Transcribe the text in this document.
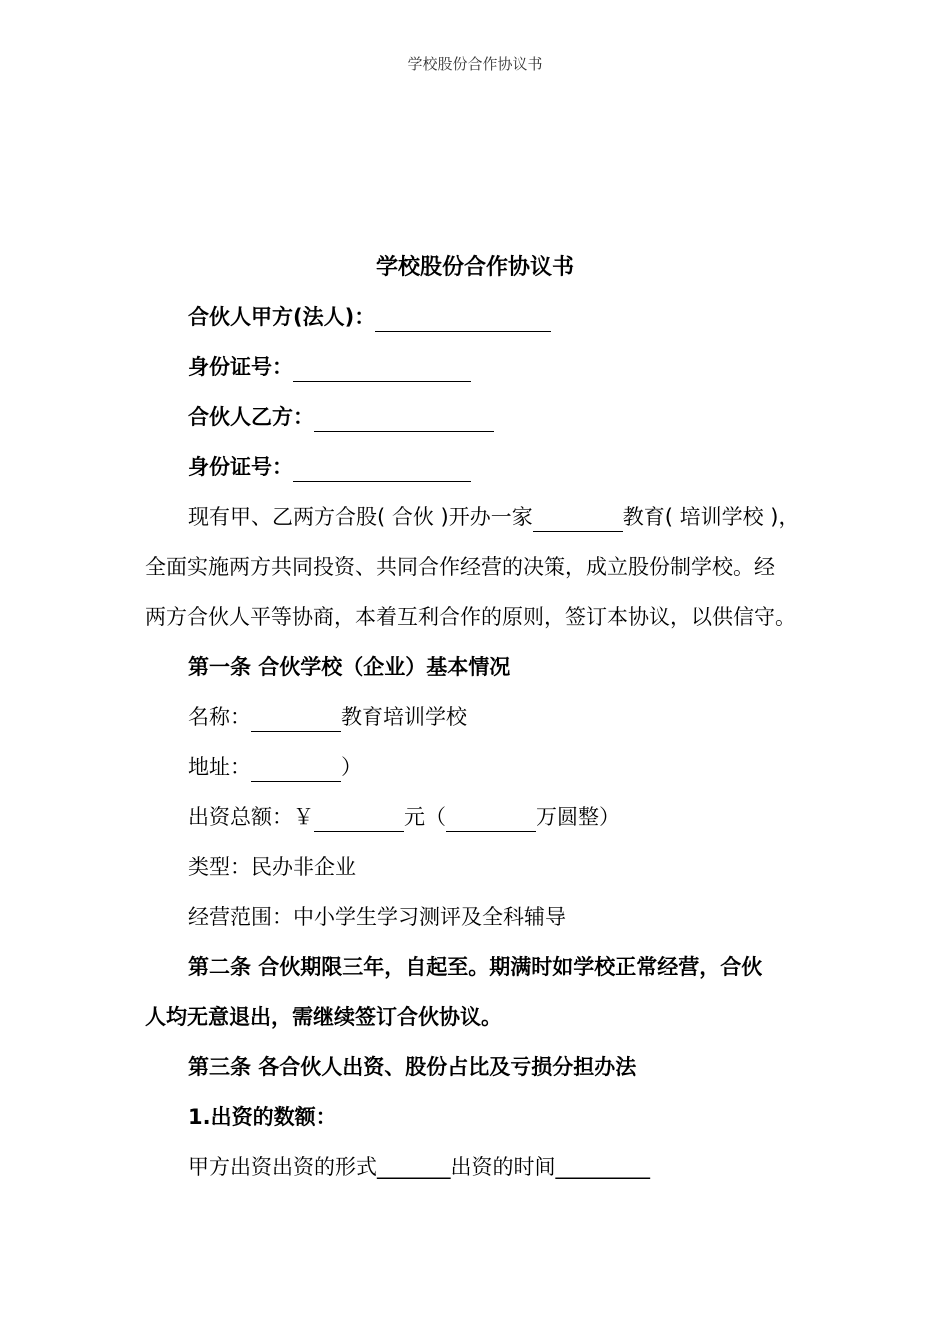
学校股份合作协议书
学校股份合作协议书
合伙人甲方(法人)：
身份证号：
合伙人乙方：
身份证号：
现有甲、乙两方合股( 合伙 )开办一家	教育( 培训学校 )，
全面实施两方共同投资、共同合作经营的决策，成立股份制学校。经
两方合伙人平等协商，本着互利合作的原则，签订本协议，以供信守。
第一条 合伙学校（企业）基本情况
名称：	教育培训学校
地址：	）
出资总额：￥	元（	万圆整）
类型：民办非企业
经营范围：中小学生学习测评及全科辅导
第二条 合伙期限三年，自起至。期满时如学校正常经营，合伙
人均无意退出，需继续签订合伙协议。
第三条 各合伙人出资、股份占比及亏损分担办法
1.出资的数额：
甲方出资出资的形式_______出资的时间_________
